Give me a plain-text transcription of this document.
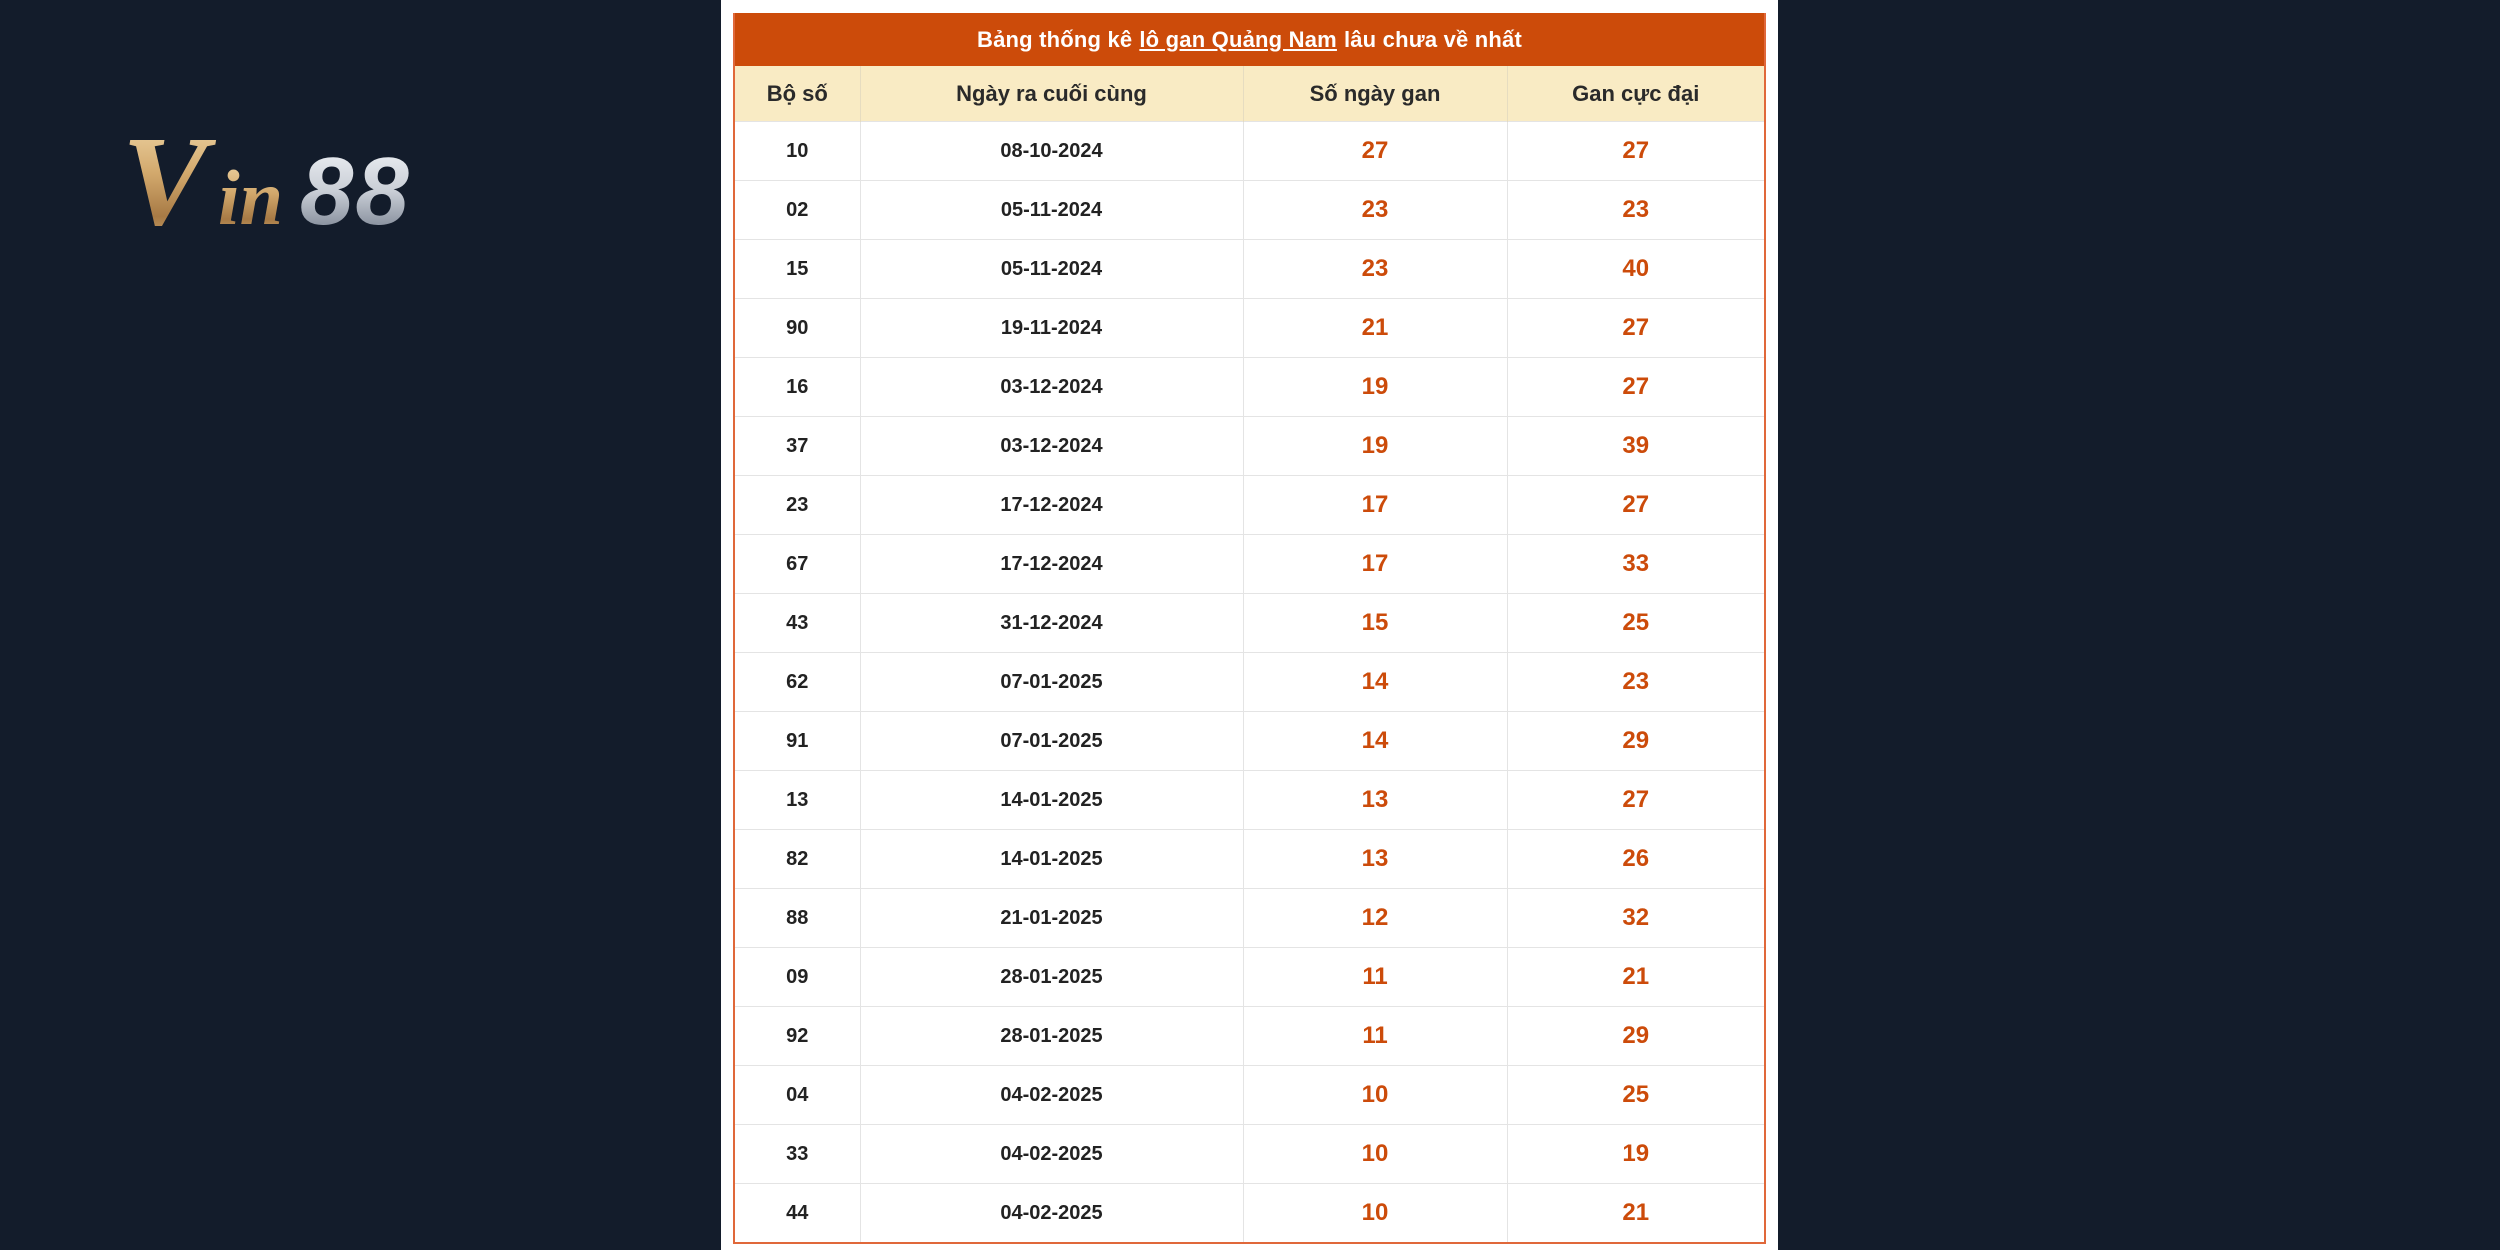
V in 88
Bảng thống kê lô gan Quảng Nam lâu chưa về nhất
Bộ số	Ngày ra cuối cùng	Số ngày gan	Gan cực đại
10	08-10-2024	27	27
02	05-11-2024	23	23
15	05-11-2024	23	40
90	19-11-2024	21	27
16	03-12-2024	19	27
37	03-12-2024	19	39
23	17-12-2024	17	27
67	17-12-2024	17	33
43	31-12-2024	15	25
62	07-01-2025	14	23
91	07-01-2025	14	29
13	14-01-2025	13	27
82	14-01-2025	13	26
88	21-01-2025	12	32
09	28-01-2025	11	21
92	28-01-2025	11	29
04	04-02-2025	10	25
33	04-02-2025	10	19
44	04-02-2025	10	21
